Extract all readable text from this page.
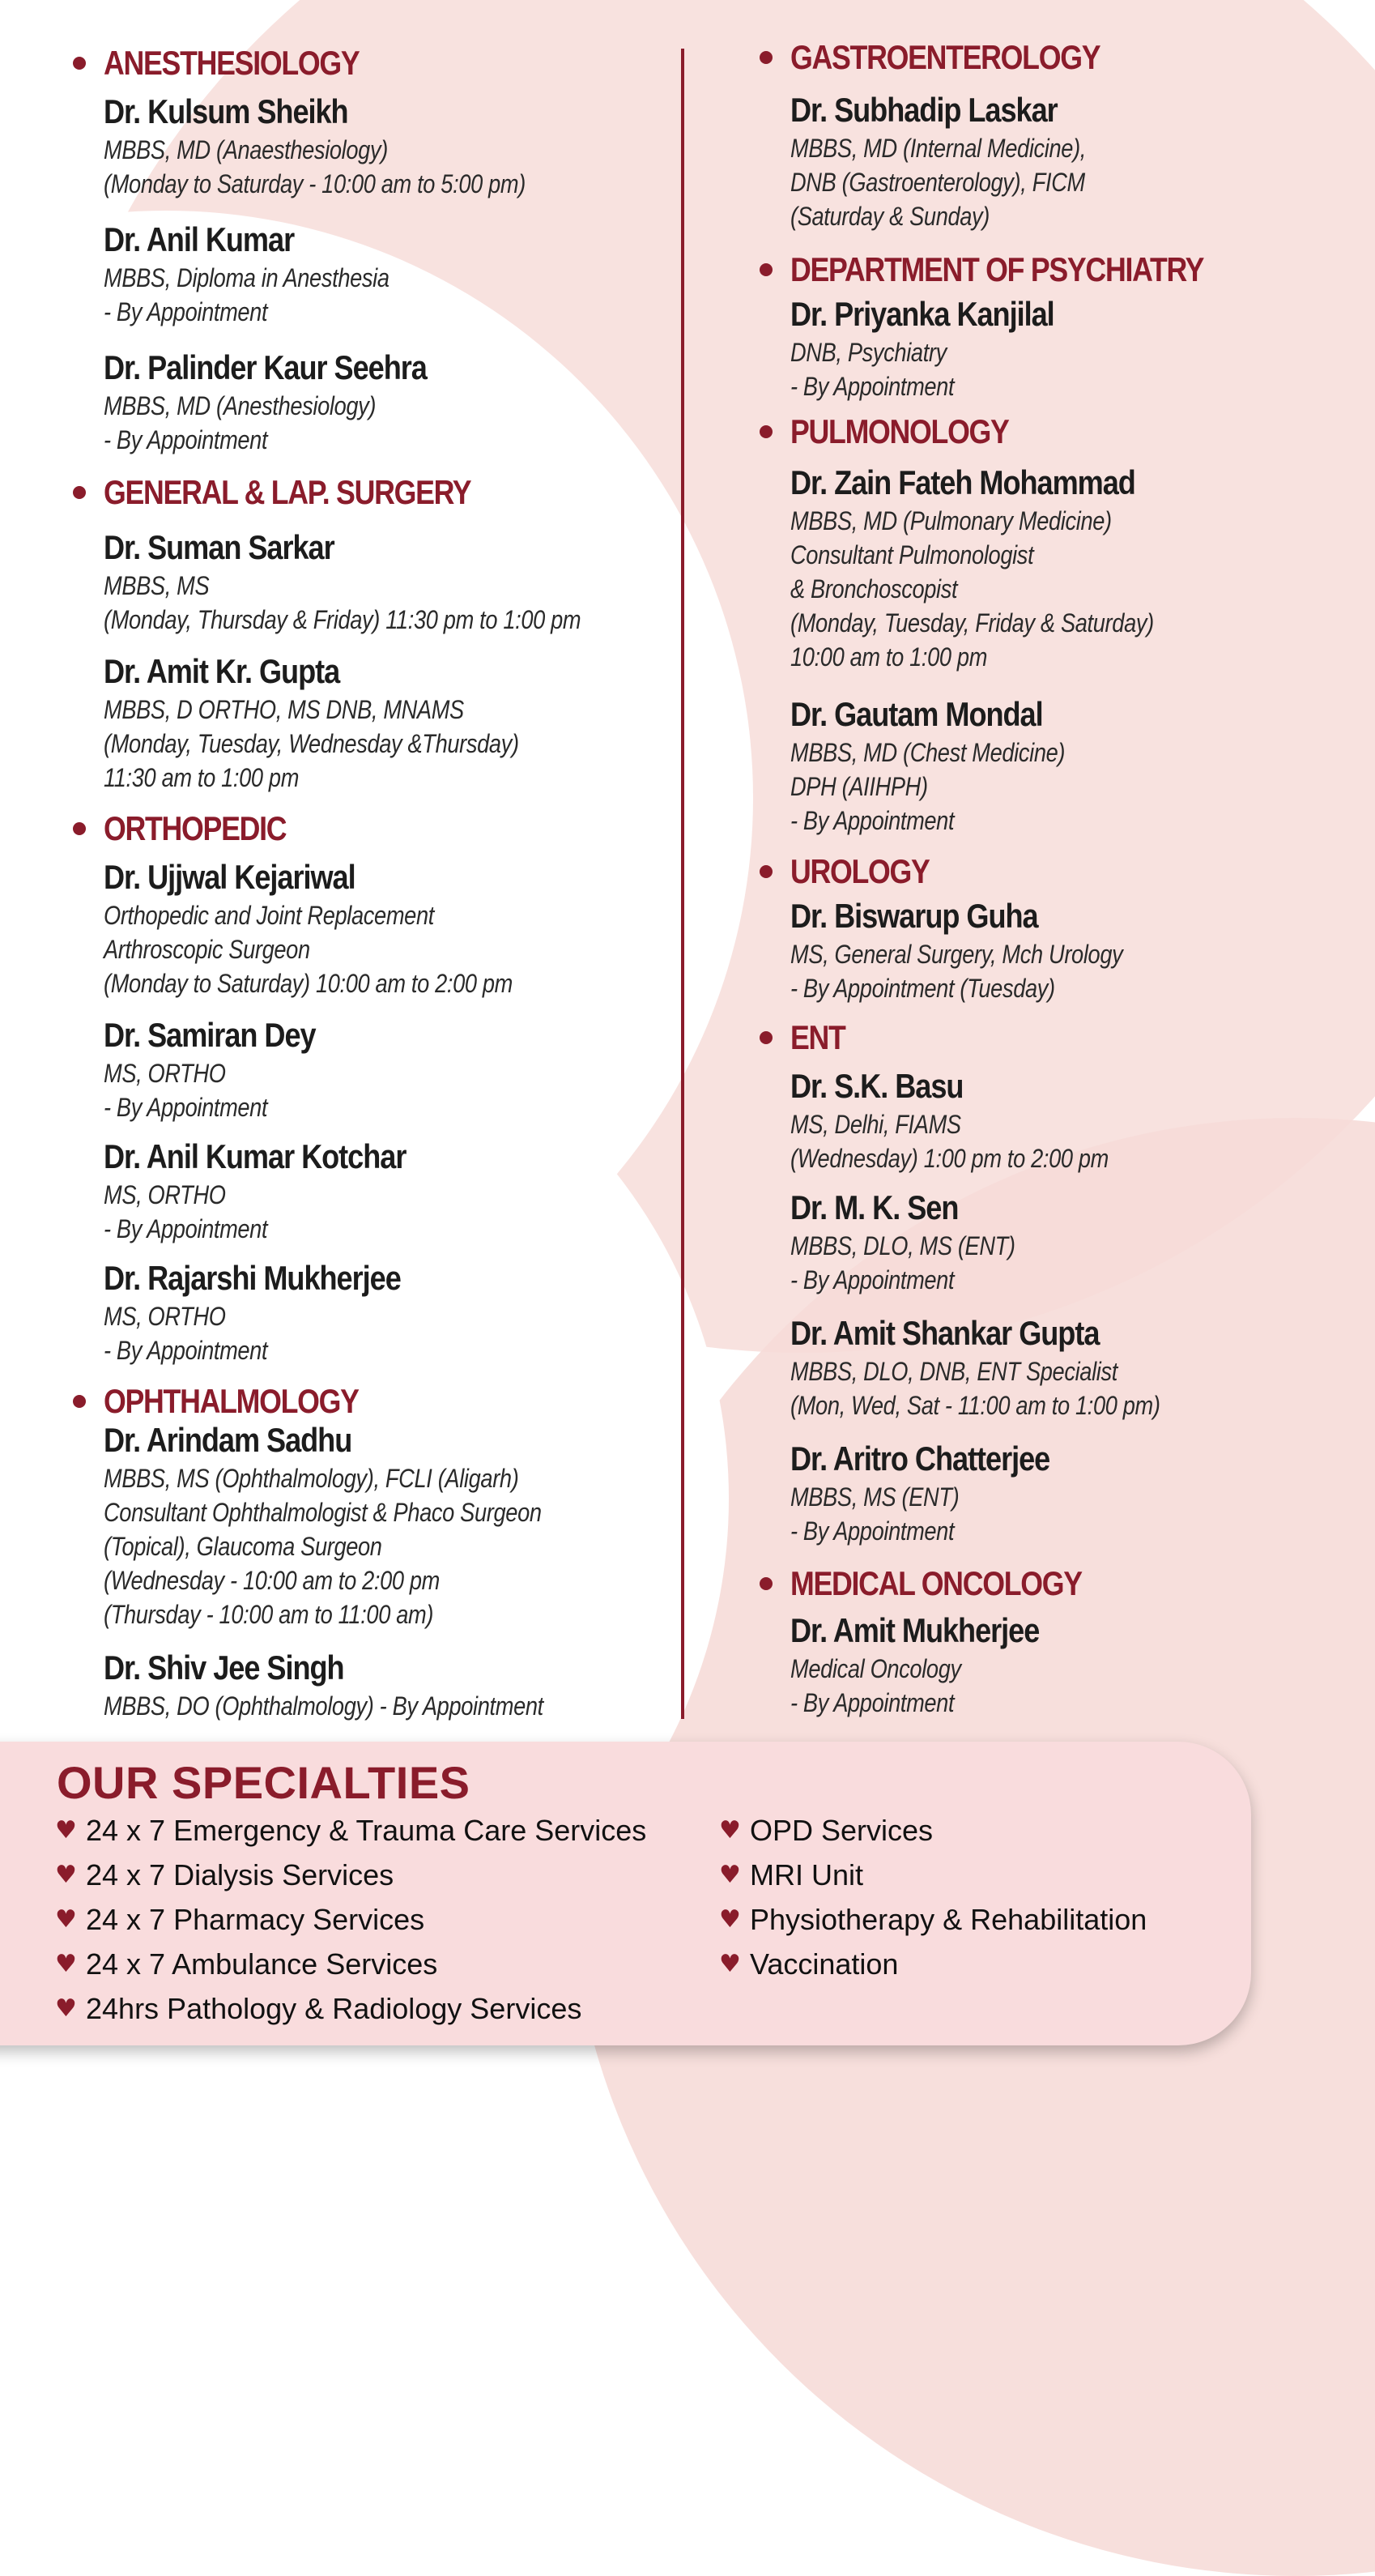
ANESTHESIOLOGY
Dr. Kulsum Sheikh
MBBS, MD (Anaesthesiology)
(Monday to Saturday - 10:00 am to 5:00 pm)
Dr. Anil Kumar
MBBS, Diploma in Anesthesia
- By Appointment
Dr. Palinder Kaur Seehra
MBBS, MD (Anesthesiology)
- By Appointment
GENERAL & LAP. SURGERY
Dr. Suman Sarkar
MBBS, MS
(Monday, Thursday & Friday) 11:30 pm to 1:00 pm
Dr. Amit Kr. Gupta
MBBS, D ORTHO, MS DNB, MNAMS
(Monday, Tuesday, Wednesday &Thursday)
11:30 am to 1:00 pm
ORTHOPEDIC
Dr. Ujjwal Kejariwal
Orthopedic and Joint Replacement
Arthroscopic Surgeon
(Monday to Saturday) 10:00 am to 2:00 pm
Dr. Samiran Dey
MS, ORTHO
- By Appointment
Dr. Anil Kumar Kotchar
MS, ORTHO
- By Appointment
Dr. Rajarshi Mukherjee
MS, ORTHO
- By Appointment
OPHTHALMOLOGY
Dr. Arindam Sadhu
MBBS, MS (Ophthalmology), FCLI (Aligarh)
Consultant Ophthalmologist & Phaco Surgeon
(Topical), Glaucoma Surgeon
(Wednesday - 10:00 am to 2:00 pm
(Thursday - 10:00 am to 11:00 am)
Dr. Shiv Jee Singh
MBBS, DO (Ophthalmology) - By Appointment
GASTROENTEROLOGY
Dr. Subhadip Laskar
MBBS, MD (Internal Medicine),
DNB (Gastroenterology), FICM
(Saturday & Sunday)
DEPARTMENT OF PSYCHIATRY
Dr. Priyanka Kanjilal
DNB, Psychiatry
- By Appointment
PULMONOLOGY
Dr. Zain Fateh Mohammad
MBBS, MD (Pulmonary Medicine)
Consultant Pulmonologist
& Bronchoscopist
(Monday, Tuesday, Friday & Saturday)
10:00 am to 1:00 pm
Dr. Gautam Mondal
MBBS, MD (Chest Medicine)
DPH (AIIHPH)
- By Appointment
UROLOGY
Dr. Biswarup Guha
MS, General Surgery, Mch Urology
- By Appointment (Tuesday)
ENT
Dr. S.K. Basu
MS, Delhi, FIAMS
(Wednesday) 1:00 pm to 2:00 pm
Dr. M. K. Sen
MBBS, DLO, MS (ENT)
- By Appointment
Dr. Amit Shankar Gupta
MBBS, DLO, DNB, ENT Specialist
(Mon, Wed, Sat - 11:00 am to 1:00 pm)
Dr. Aritro Chatterjee
MBBS, MS (ENT)
- By Appointment
MEDICAL ONCOLOGY
Dr. Amit Mukherjee
Medical Oncology
- By Appointment
OUR SPECIALTIES
♥ 24 x 7 Emergency & Trauma Care Services
♥ 24 x 7 Dialysis Services
♥ 24 x 7 Pharmacy Services
♥ 24 x 7 Ambulance Services
♥ 24hrs Pathology & Radiology Services
♥ OPD Services
♥ MRI Unit
♥ Physiotherapy & Rehabilitation
♥ Vaccination
